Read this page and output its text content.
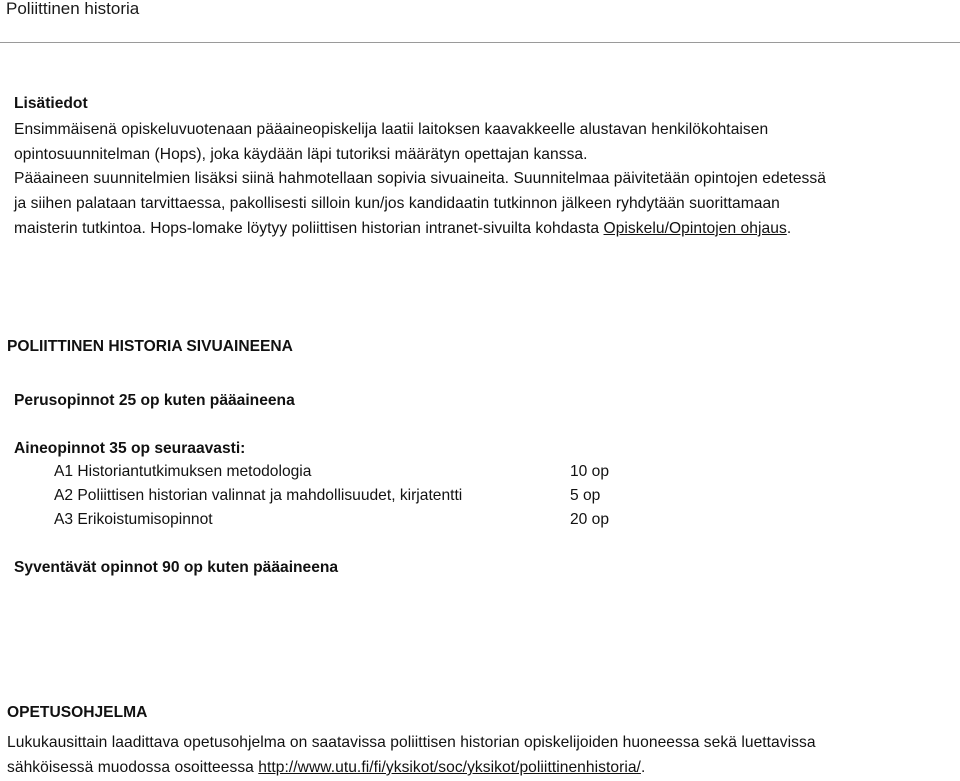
Poliittinen historia
Lisätiedot
Ensimmäisenä opiskeluvuotenaan pääaineopiskelija laatii laitoksen kaavakkeelle alustavan henkilökohtaisen
opintosuunnitelman (Hops), joka käydään läpi tutoriksi määrätyn opettajan kanssa.
Pääaineen suunnitelmien lisäksi siinä hahmotellaan sopivia sivuaineita. Suunnitelmaa päivitetään opintojen edetessä
ja siihen palataan tarvittaessa, pakollisesti silloin kun/jos kandidaatin tutkinnon jälkeen ryhdytään suorittamaan
maisterin tutkintoa. Hops-lomake löytyy poliittisen historian intranet-sivuilta kohdasta Opiskelu/Opintojen ohjaus.
POLIITTINEN HISTORIA SIVUAINEENA
Perusopinnot 25 op kuten pääaineena
Aineopinnot 35 op seuraavasti:
A1 Historiantutkimuksen metodologia	10 op
A2 Poliittisen historian valinnat ja mahdollisuudet, kirjatentti	5 op
A3 Erikoistumisopinnot	20 op
Syventävät opinnot 90 op kuten pääaineena
OPETUSOHJELMA
Lukukausittain laadittava opetusohjelma on saatavissa poliittisen historian opiskelijoiden huoneessa sekä luettavissa
sähköisessä muodossa osoitteessa http://www.utu.fi/fi/yksikot/soc/yksikot/poliittinenhistoria/.
